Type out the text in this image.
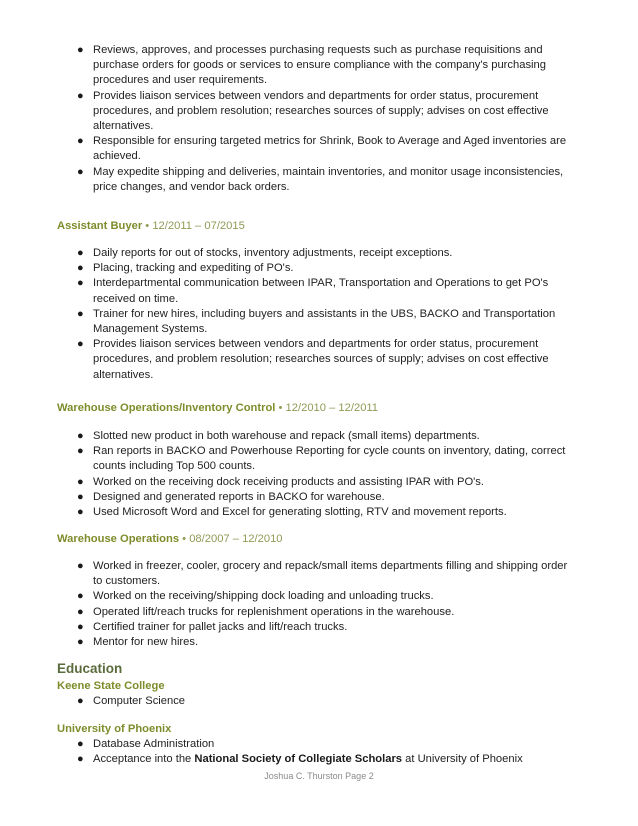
● Reviews, approves, and processes purchasing requests such as purchase requisitions and purchase orders for goods or services to ensure compliance with the company's purchasing procedures and user requirements.
● Provides liaison services between vendors and departments for order status, procurement procedures, and problem resolution; researches sources of supply; advises on cost effective alternatives.
● Responsible for ensuring targeted metrics for Shrink, Book to Average and Aged inventories are achieved.
● May expedite shipping and deliveries, maintain inventories, and monitor usage inconsistencies, price changes, and vendor back orders.
Assistant Buyer • 12/2011 – 07/2015
● Daily reports for out of stocks, inventory adjustments, receipt exceptions.
● Placing, tracking and expediting of PO's.
● Interdepartmental communication between IPAR, Transportation and Operations to get PO's received on time.
● Trainer for new hires, including buyers and assistants in the UBS, BACKO and Transportation Management Systems.
● Provides liaison services between vendors and departments for order status, procurement procedures, and problem resolution; researches sources of supply; advises on cost effective alternatives.
Warehouse Operations/Inventory Control • 12/2010 – 12/2011
● Slotted new product in both warehouse and repack (small items) departments.
● Ran reports in BACKO and Powerhouse Reporting for cycle counts on inventory, dating, correct counts including Top 500 counts.
● Worked on the receiving dock receiving products and assisting IPAR with PO's.
● Designed and generated reports in BACKO for warehouse.
● Used Microsoft Word and Excel for generating slotting, RTV and movement reports.
Warehouse Operations • 08/2007 – 12/2010
● Worked in freezer, cooler, grocery and repack/small items departments filling and shipping order to customers.
● Worked on the receiving/shipping dock loading and unloading trucks.
● Operated lift/reach trucks for replenishment operations in the warehouse.
● Certified trainer for pallet jacks and lift/reach trucks.
● Mentor for new hires.
Education
Keene State College
● Computer Science
University of Phoenix
● Database Administration
● Acceptance into the National Society of Collegiate Scholars at University of Phoenix
Joshua C. Thurston Page 2
